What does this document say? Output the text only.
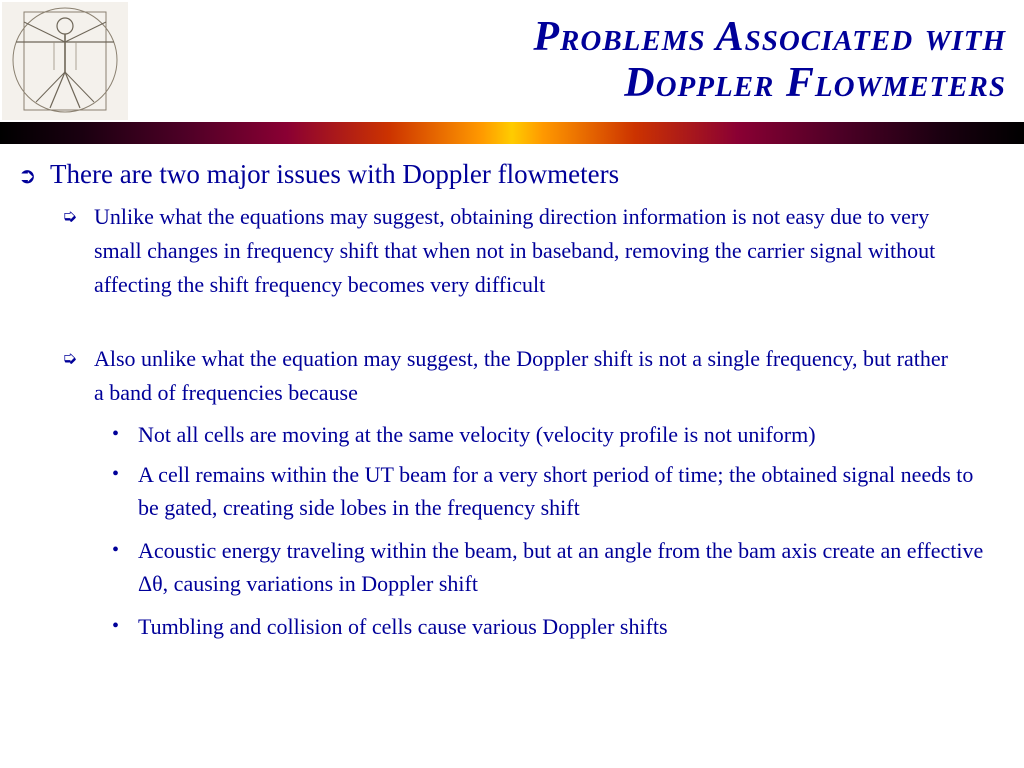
Problems Associated with
Doppler Flowmeters
➲ There are two major issues with Doppler flowmeters
➭ Unlike what the equations may suggest, obtaining direction information is not easy due to very small changes in frequency shift that when not in baseband, removing the carrier signal without affecting the shift frequency becomes very difficult
➭ Also unlike what the equation may suggest, the Doppler shift is not a single frequency, but rather a band of frequencies because
• Not all cells are moving at the same velocity (velocity profile is not uniform)
• A cell remains within the UT beam for a very short period of time; the obtained signal needs to be gated, creating side lobes in the frequency shift
• Acoustic energy traveling within the beam, but at an angle from the bam axis create an effective Δθ, causing variations in Doppler shift
• Tumbling and collision of cells cause various Doppler shifts
